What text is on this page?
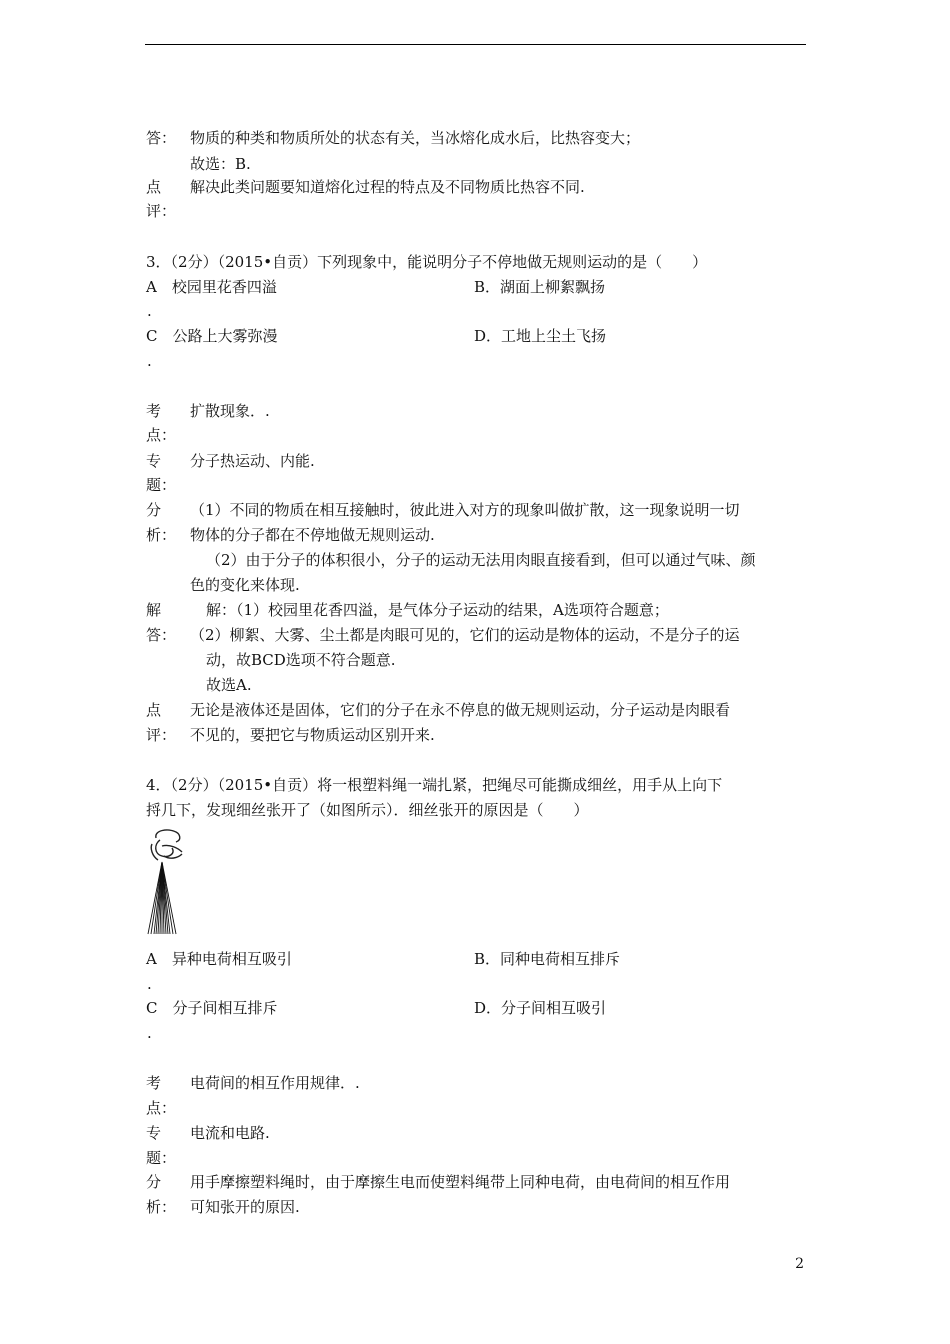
答： 物质的种类和物质所处的状态有关，当冰熔化成水后，比热容变大；
故选：B.
点 解决此类问题要知道熔化过程的特点及不同物质比热容不同.
评：
3．（2分）（2015•自贡）下列现象中，能说明分子不停地做无规则运动的是（　　）
A　校园里花香四溢	B．湖面上柳絮飘扬
.
C　公路上大雾弥漫	D．工地上尘土飞扬
.
考 扩散现象．.
点：
专 分子热运动、内能.
题：
分 （1）不同的物质在相互接触时，彼此进入对方的现象叫做扩散，这一现象说明一切
析： 物体的分子都在不停地做无规则运动.
（2）由于分子的体积很小，分子的运动无法用肉眼直接看到，但可以通过气味、颜
色的变化来体现.
解	解：（1）校园里花香四溢，是气体分子运动的结果，A选项符合题意；
答： （2）柳絮、大雾、尘土都是肉眼可见的，它们的运动是物体的运动，不是分子的运
动，故BCD选项不符合题意.
故选A.
点 无论是液体还是固体，它们的分子在永不停息的做无规则运动，分子运动是肉眼看
评： 不见的，要把它与物质运动区别开来.
4．（2分）（2015•自贡）将一根塑料绳一端扎紧，把绳尽可能撕成细丝，用手从上向下
捋几下，发现细丝张开了（如图所示）．细丝张开的原因是（　　）
A　异种电荷相互吸引	B．同种电荷相互排斥
.
C　分子间相互排斥	D．分子间相互吸引
.
考 电荷间的相互作用规律．.
点：
专 电流和电路.
题：
分 用手摩擦塑料绳时，由于摩擦生电而使塑料绳带上同种电荷，由电荷间的相互作用
析： 可知张开的原因.
2
